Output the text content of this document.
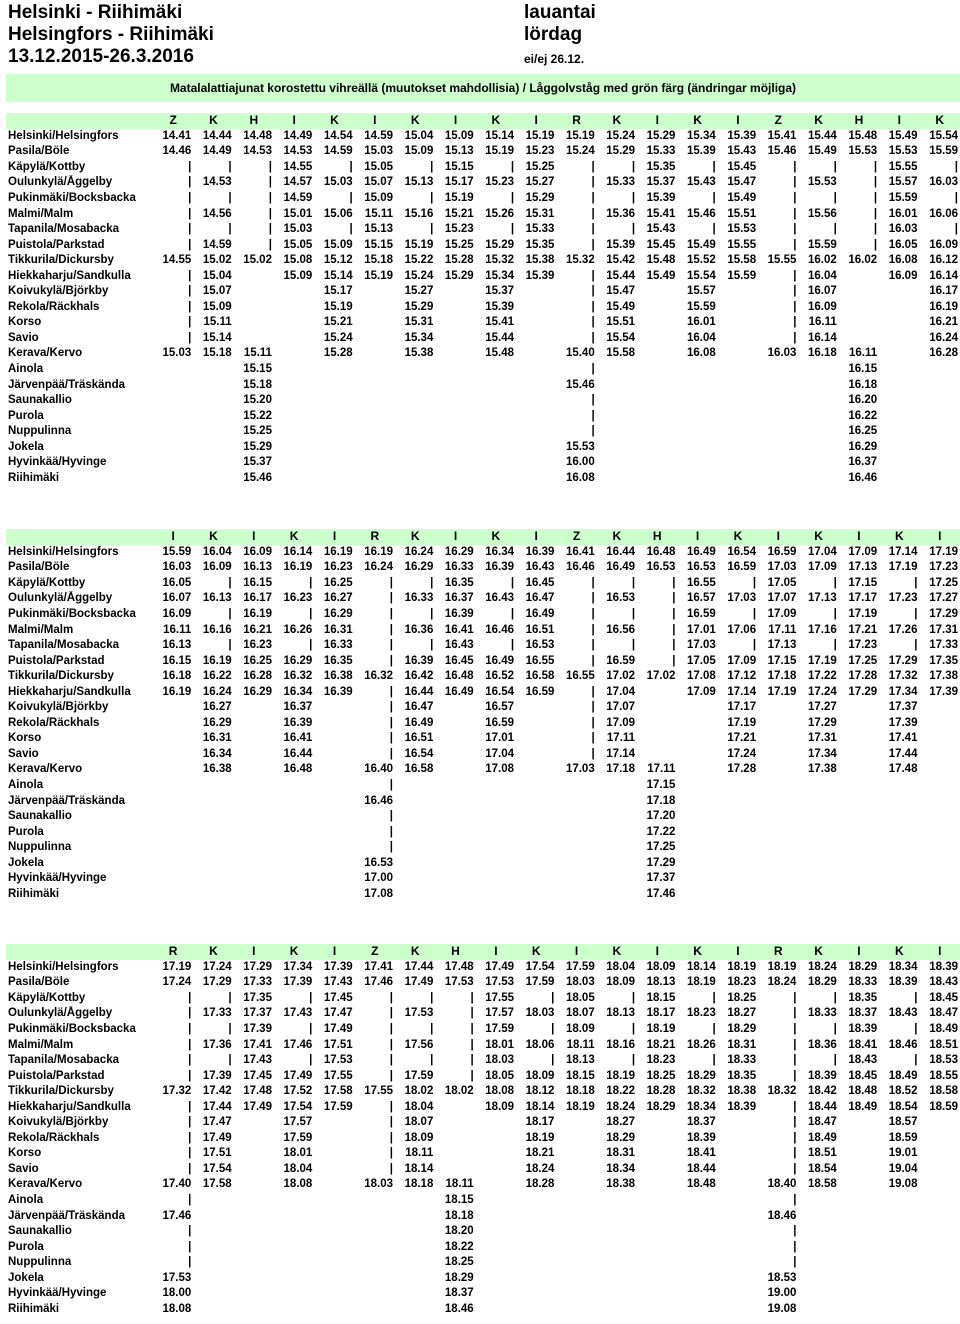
Helsinki - Riihimäki
Helsingfors - Riihimäki
13.12.2015-26.3.2016
lauantai
lördag
ei/ej 26.12.
Matalalattiajunat korostettu vihreällä (muutokset mahdollisia) / Låggolvståg med grön färg (ändringar möjliga)
	Z	K	H	I	K	I	K	I	K	I	R	K	I	K	I	Z	K	H	I	K
Helsinki/Helsingfors	14.41	14.44	14.48	14.49	14.54	14.59	15.04	15.09	15.14	15.19	15.19	15.24	15.29	15.34	15.39	15.41	15.44	15.48	15.49	15.54
Pasila/Böle	14.46	14.49	14.53	14.53	14.59	15.03	15.09	15.13	15.19	15.23	15.24	15.29	15.33	15.39	15.43	15.46	15.49	15.53	15.53	15.59
Käpylä/Kottby	|	|	|	14.55	|	15.05	|	15.15	|	15.25	|	|	15.35	|	15.45	|	|	|	15.55	|
Oulunkylä/Åggelby	|	14.53	|	14.57	15.03	15.07	15.13	15.17	15.23	15.27	|	15.33	15.37	15.43	15.47	|	15.53	|	15.57	16.03
Pukinmäki/Bocksbacka	|	|	|	14.59	|	15.09	|	15.19	|	15.29	|	|	15.39	|	15.49	|	|	|	15.59	|
Malmi/Malm	|	14.56	|	15.01	15.06	15.11	15.16	15.21	15.26	15.31	|	15.36	15.41	15.46	15.51	|	15.56	|	16.01	16.06
Tapanila/Mosabacka	|	|	|	15.03	|	15.13	|	15.23	|	15.33	|	|	15.43	|	15.53	|	|	|	16.03	|
Puistola/Parkstad	|	14.59	|	15.05	15.09	15.15	15.19	15.25	15.29	15.35	|	15.39	15.45	15.49	15.55	|	15.59	|	16.05	16.09
Tikkurila/Dickursby	14.55	15.02	15.02	15.08	15.12	15.18	15.22	15.28	15.32	15.38	15.32	15.42	15.48	15.52	15.58	15.55	16.02	16.02	16.08	16.12
Hiekkaharju/Sandkulla	|	15.04		15.09	15.14	15.19	15.24	15.29	15.34	15.39	|	15.44	15.49	15.54	15.59	|	16.04		16.09	16.14
Koivukylä/Björkby	|	15.07			15.17		15.27		15.37		|	15.47		15.57		|	16.07			16.17
Rekola/Räckhals	|	15.09			15.19		15.29		15.39		|	15.49		15.59		|	16.09			16.19
Korso	|	15.11			15.21		15.31		15.41		|	15.51		16.01		|	16.11			16.21
Savio	|	15.14			15.24		15.34		15.44		|	15.54		16.04		|	16.14			16.24
Kerava/Kervo	15.03	15.18	15.11		15.28		15.38		15.48		15.40	15.58		16.08		16.03	16.18	16.11		16.28
Ainola			15.15								|							16.15		
Järvenpää/Träskända			15.18								15.46							16.18		
Saunakallio			15.20								|							16.20		
Purola			15.22								|							16.22		
Nuppulinna			15.25								|							16.25		
Jokela			15.29								15.53							16.29		
Hyvinkää/Hyvinge			15.37								16.00							16.37		
Riihimäki			15.46								16.08							16.46		
	I	K	I	K	I	R	K	I	K	I	Z	K	H	I	K	I	K	I	K	I
Helsinki/Helsingfors	15.59	16.04	16.09	16.14	16.19	16.19	16.24	16.29	16.34	16.39	16.41	16.44	16.48	16.49	16.54	16.59	17.04	17.09	17.14	17.19
Pasila/Böle	16.03	16.09	16.13	16.19	16.23	16.24	16.29	16.33	16.39	16.43	16.46	16.49	16.53	16.53	16.59	17.03	17.09	17.13	17.19	17.23
Käpylä/Kottby	16.05	|	16.15	|	16.25	|	|	16.35	|	16.45	|	|	|	16.55	|	17.05	|	17.15	|	17.25
Oulunkylä/Åggelby	16.07	16.13	16.17	16.23	16.27	|	16.33	16.37	16.43	16.47	|	16.53	|	16.57	17.03	17.07	17.13	17.17	17.23	17.27
Pukinmäki/Bocksbacka	16.09	|	16.19	|	16.29	|	|	16.39	|	16.49	|	|	|	16.59	|	17.09	|	17.19	|	17.29
Malmi/Malm	16.11	16.16	16.21	16.26	16.31	|	16.36	16.41	16.46	16.51	|	16.56	|	17.01	17.06	17.11	17.16	17.21	17.26	17.31
Tapanila/Mosabacka	16.13	|	16.23	|	16.33	|	|	16.43	|	16.53	|	|	|	17.03	|	17.13	|	17.23	|	17.33
Puistola/Parkstad	16.15	16.19	16.25	16.29	16.35	|	16.39	16.45	16.49	16.55	|	16.59	|	17.05	17.09	17.15	17.19	17.25	17.29	17.35
Tikkurila/Dickursby	16.18	16.22	16.28	16.32	16.38	16.32	16.42	16.48	16.52	16.58	16.55	17.02	17.02	17.08	17.12	17.18	17.22	17.28	17.32	17.38
Hiekkaharju/Sandkulla	16.19	16.24	16.29	16.34	16.39	|	16.44	16.49	16.54	16.59	|	17.04		17.09	17.14	17.19	17.24	17.29	17.34	17.39
Koivukylä/Björkby		16.27		16.37		|	16.47		16.57		|	17.07			17.17		17.27		17.37	
Rekola/Räckhals		16.29		16.39		|	16.49		16.59		|	17.09			17.19		17.29		17.39	
Korso		16.31		16.41		|	16.51		17.01		|	17.11			17.21		17.31		17.41	
Savio		16.34		16.44		|	16.54		17.04		|	17.14			17.24		17.34		17.44	
Kerava/Kervo		16.38		16.48		16.40	16.58		17.08		17.03	17.18	17.11		17.28		17.38		17.48	
Ainola						|							17.15							
Järvenpää/Träskända						16.46							17.18							
Saunakallio						|							17.20							
Purola						|							17.22							
Nuppulinna						|							17.25							
Jokela						16.53							17.29							
Hyvinkää/Hyvinge						17.00							17.37							
Riihimäki						17.08							17.46							
	R	K	I	K	I	Z	K	H	I	K	I	K	I	K	I	R	K	I	K	I
Helsinki/Helsingfors	17.19	17.24	17.29	17.34	17.39	17.41	17.44	17.48	17.49	17.54	17.59	18.04	18.09	18.14	18.19	18.19	18.24	18.29	18.34	18.39
Pasila/Böle	17.24	17.29	17.33	17.39	17.43	17.46	17.49	17.53	17.53	17.59	18.03	18.09	18.13	18.19	18.23	18.24	18.29	18.33	18.39	18.43
Käpylä/Kottby	|	|	17.35	|	17.45	|	|	|	17.55	|	18.05	|	18.15	|	18.25	|	|	18.35	|	18.45
Oulunkylä/Åggelby	|	17.33	17.37	17.43	17.47	|	17.53	|	17.57	18.03	18.07	18.13	18.17	18.23	18.27	|	18.33	18.37	18.43	18.47
Pukinmäki/Bocksbacka	|	|	17.39	|	17.49	|	|	|	17.59	|	18.09	|	18.19	|	18.29	|	|	18.39	|	18.49
Malmi/Malm	|	17.36	17.41	17.46	17.51	|	17.56	|	18.01	18.06	18.11	18.16	18.21	18.26	18.31	|	18.36	18.41	18.46	18.51
Tapanila/Mosabacka	|	|	17.43	|	17.53	|	|	|	18.03	|	18.13	|	18.23	|	18.33	|	|	18.43	|	18.53
Puistola/Parkstad	|	17.39	17.45	17.49	17.55	|	17.59	|	18.05	18.09	18.15	18.19	18.25	18.29	18.35	|	18.39	18.45	18.49	18.55
Tikkurila/Dickursby	17.32	17.42	17.48	17.52	17.58	17.55	18.02	18.02	18.08	18.12	18.18	18.22	18.28	18.32	18.38	18.32	18.42	18.48	18.52	18.58
Hiekkaharju/Sandkulla	|	17.44	17.49	17.54	17.59	|	18.04		18.09	18.14	18.19	18.24	18.29	18.34	18.39	|	18.44	18.49	18.54	18.59
Koivukylä/Björkby	|	17.47		17.57		|	18.07			18.17		18.27		18.37		|	18.47		18.57	
Rekola/Räckhals	|	17.49		17.59		|	18.09			18.19		18.29		18.39		|	18.49		18.59	
Korso	|	17.51		18.01		|	18.11			18.21		18.31		18.41		|	18.51		19.01	
Savio	|	17.54		18.04		|	18.14			18.24		18.34		18.44		|	18.54		19.04	
Kerava/Kervo	17.40	17.58		18.08		18.03	18.18	18.11		18.28		18.38		18.48		18.40	18.58		19.08	
Ainola	|							18.15								|				
Järvenpää/Träskända	17.46							18.18								18.46				
Saunakallio	|							18.20								|				
Purola	|							18.22								|				
Nuppulinna	|							18.25								|				
Jokela	17.53							18.29								18.53				
Hyvinkää/Hyvinge	18.00							18.37								19.00				
Riihimäki	18.08							18.46								19.08				
